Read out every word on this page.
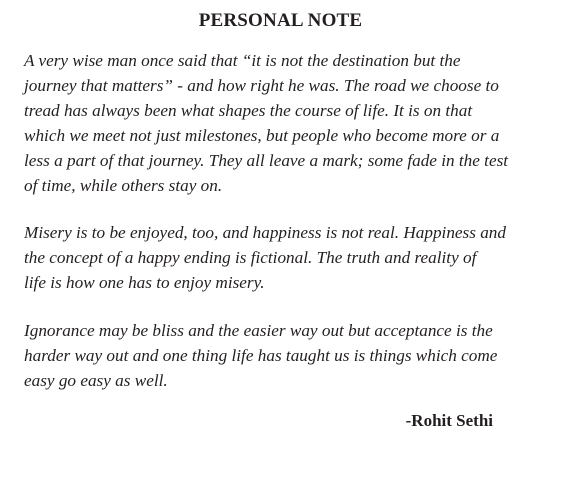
PERSONAL NOTE
A very wise man once said that “it is not the destination but the
journey that matters” - and how right he was. The road we choose to
tread has always been what shapes the course of life. It is on that
which we meet not just milestones, but people who become more or a
less a part of that journey. They all leave a mark; some fade in the test
of time, while others stay on.
Misery is to be enjoyed, too, and happiness is not real. Happiness and
the concept of a happy ending is fictional. The truth and reality of
life is how one has to enjoy misery.
Ignorance may be bliss and the easier way out but acceptance is the
harder way out and one thing life has taught us is things which come
easy go easy as well.
-Rohit Sethi
